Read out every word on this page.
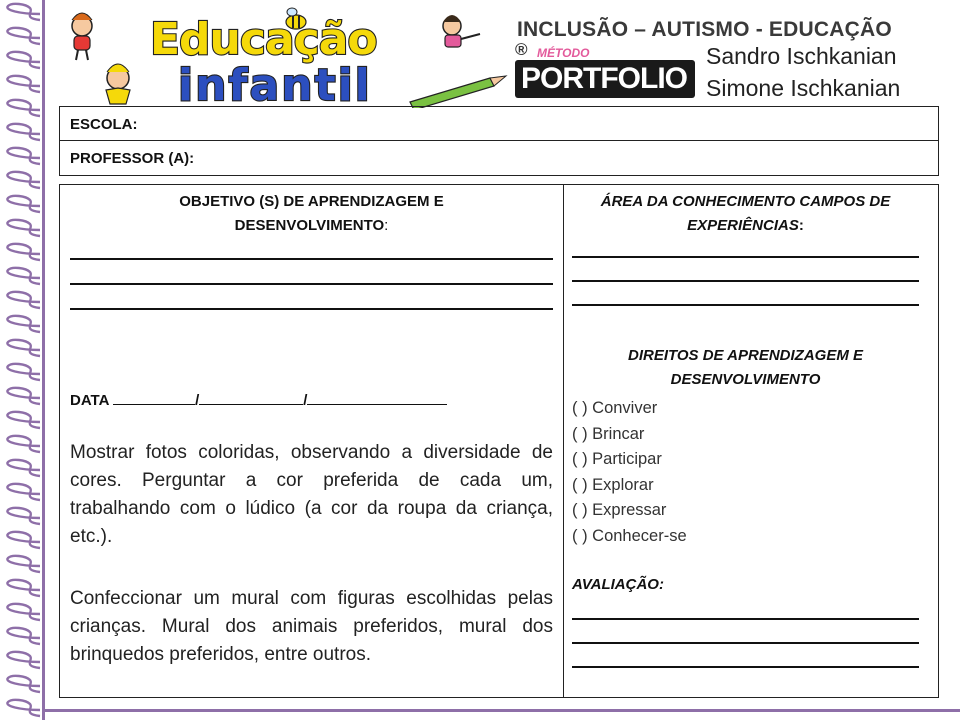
Educação
infantil
INCLUSÃO – AUTISMO - EDUCAÇÃO
® MÉTODO
PORTFOLIO
Sandro Ischkanian
Simone Ischkanian
ESCOLA:
PROFESSOR (A):
OBJETIVO (S) DE APRENDIZAGEM E
DESENVOLVIMENTO:
DATA	/	/
Mostrar fotos coloridas, observando a diversidade de cores. Perguntar a cor preferida de cada um, trabalhando com o lúdico (a cor da roupa da criança, etc.).
Confeccionar um mural com figuras escolhidas pelas crianças. Mural dos animais preferidos, mural dos brinquedos preferidos, entre outros.
ÁREA DA CONHECIMENTO CAMPOS DE
EXPERIÊNCIAS:
DIREITOS DE APRENDIZAGEM E
DESENVOLVIMENTO
( ) Conviver
( ) Brincar
( ) Participar
( ) Explorar
( ) Expressar
( ) Conhecer-se
AVALIAÇÃO:
